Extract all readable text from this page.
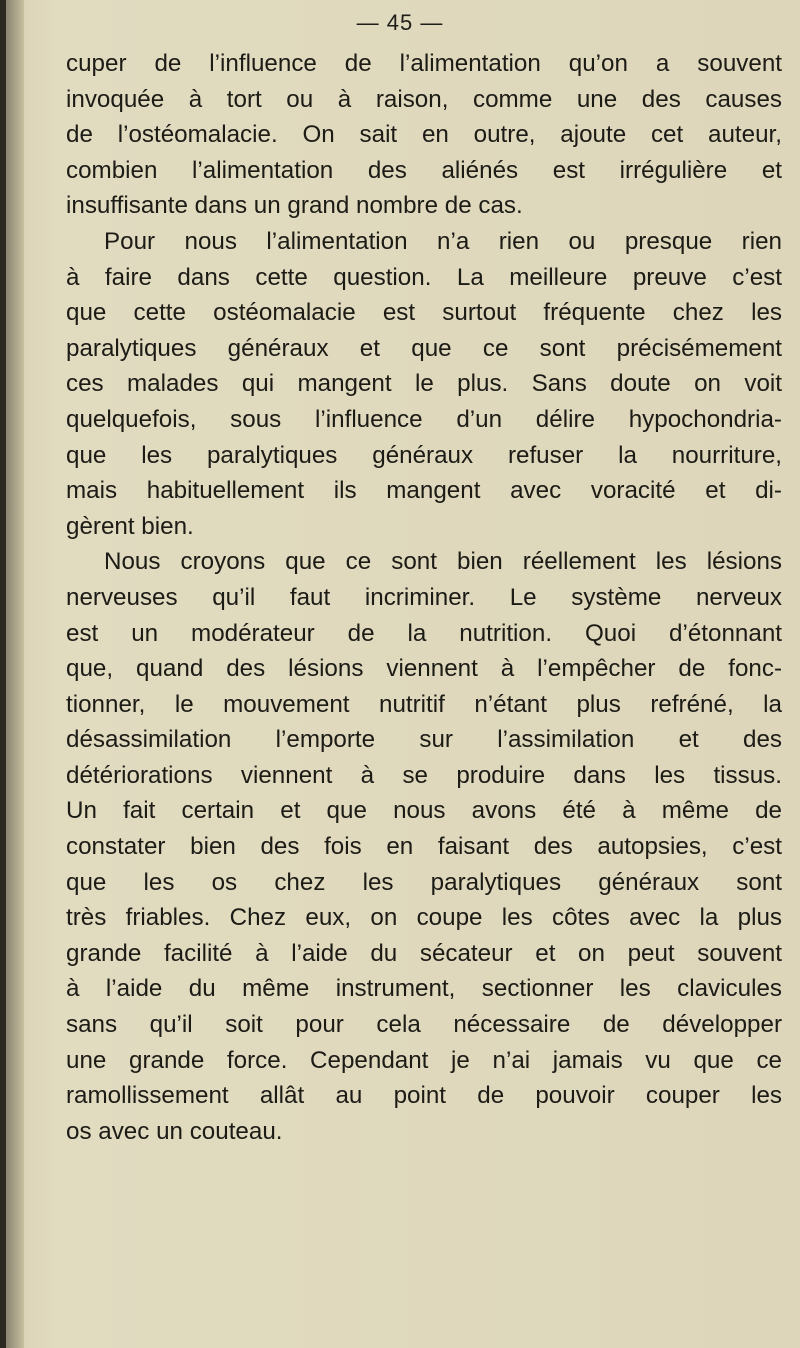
— 45 —
cuper de l’influence de l’alimentation qu’on a souvent
invoquée à tort ou à raison, comme une des causes
de l’ostéomalacie. On sait en outre, ajoute cet auteur,
combien l’alimentation des aliénés est irrégulière et
insuffisante dans un grand nombre de cas.
Pour nous l’alimentation n’a rien ou presque rien
à faire dans cette question. La meilleure preuve c’est
que cette ostéomalacie est surtout fréquente chez les
paralytiques généraux et que ce sont précisémement
ces malades qui mangent le plus. Sans doute on voit
quelquefois, sous l’influence d’un délire hypochondria-
que les paralytiques généraux refuser la nourriture,
mais habituellement ils mangent avec voracité et di-
gèrent bien.
Nous croyons que ce sont bien réellement les lésions
nerveuses qu’il faut incriminer. Le système nerveux
est un modérateur de la nutrition. Quoi d’étonnant
que, quand des lésions viennent à l’empêcher de fonc-
tionner, le mouvement nutritif n’étant plus refréné, la
désassimilation l’emporte sur l’assimilation et des
détériorations viennent à se produire dans les tissus.
Un fait certain et que nous avons été à même de
constater bien des fois en faisant des autopsies, c’est
que les os chez les paralytiques généraux sont
très friables. Chez eux, on coupe les côtes avec la plus
grande facilité à l’aide du sécateur et on peut souvent
à l’aide du même instrument, sectionner les clavicules
sans qu’il soit pour cela nécessaire de développer
une grande force. Cependant je n’ai jamais vu que ce
ramollissement allât au point de pouvoir couper les
os avec un couteau.
